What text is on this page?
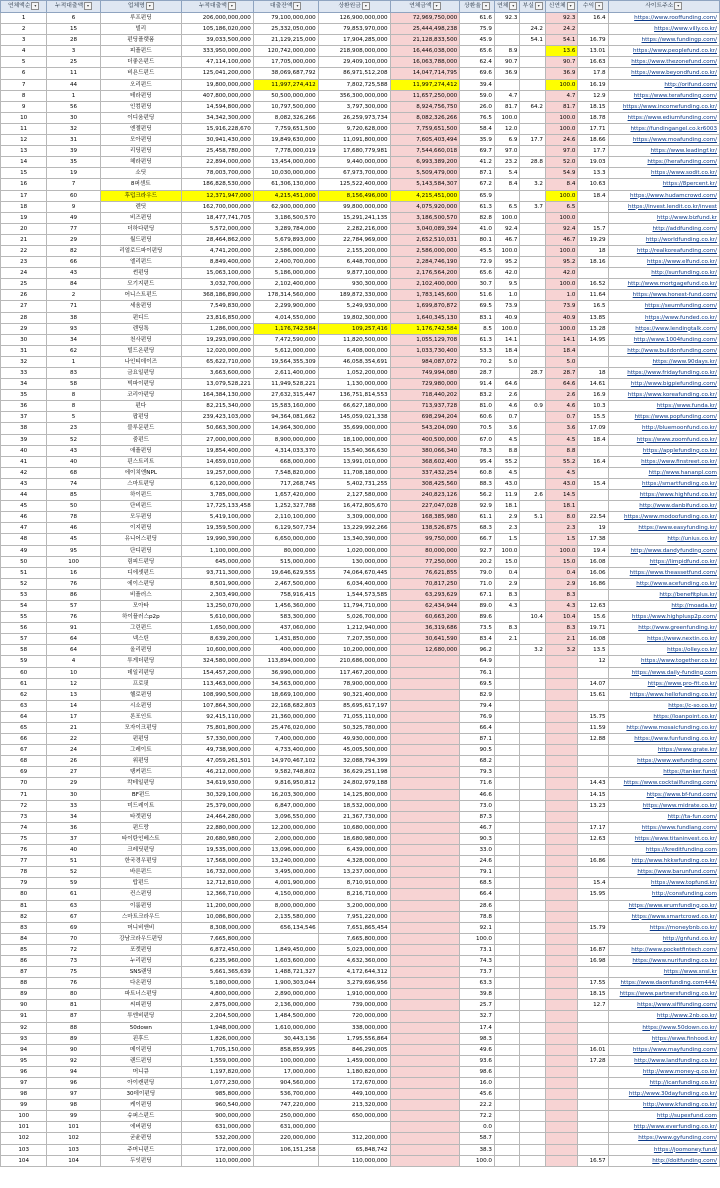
연체액순 ▾	누적대출액 ▾	업체명 ▾	누적대출액 ▾	대출잔액 ▾	상환원금 ▾	연체금액 ▾	상환율 ▾	연체 ▾	부실 ▾	신연체 ▾	수익 ▾	사이트주소 ▾
1	6	루프펀딩	206,000,000,000	79,100,000,000	126,900,000,000	72,969,750,000	61.6	92.3		92.3	16.4	https://www.rooffunding.com/
2	15	빌리	105,186,020,000	25,332,050,000	79,853,970,000	25,444,498,238	75.9		24.2	24.2		https://www.villy.co.kr/
3	28	펀딩플랫폼	39,033,500,000	21,129,215,000	17,904,285,000	21,128,833,500	45.9		54.1	54.1	16.79	https://www.fundingp.com/
4	3	피플펀드	333,950,000,000	120,742,000,000	218,908,000,000	16,446,038,000	65.6	8.9		13.6	13.01	https://www.peoplefund.co.kr/
5	25	더좋은펀드	47,114,100,000	17,705,000,000	29,409,100,000	16,063,788,000	62.4	90.7		90.7	16.63	https://www.thezonefund.com/
6	11	비욘드펀드	125,041,200,000	38,069,687,792	86,971,512,208	14,047,714,795	69.6	36.9		36.9	17.8	https://www.beyondfund.co.kr/
7	44	오리펀드	19,800,000,000	11,997,274,412	7,802,725,588	11,997,274,412	39.4			100.0	16.19	http://orifund.com/
8	1	테라펀딩	407,800,000,000	50,500,000,000	356,300,000,000	11,657,250,000	59.0	4.7		4.7	12.9	https://www.terafunding.com/
9	56	인컴펀딩	14,594,800,000	10,797,500,000	3,797,300,000	8,924,756,750	26.0	81.7	64.2	81.7	18.15	https://www.incomefunding.co.kr/
10	30	이디움펀딩	34,342,300,000	8,082,326,266	26,259,973,734	8,082,326,266	76.5	100.0		100.0	18.78	https://www.ediumfunding.com/
11	32	엔젤펀딩	15,916,228,670	7,759,651,500	9,720,628,000	7,759,651,500	58.4	12.0		100.0	17.71	https://fundingangel.co.kr6003
12	31	모아펀딩	30,941,430,000	19,849,630,000	11,091,800,000	7,605,403,494	35.9	6.9	17.7	24.6	18.66	https://www.moafunding.com/
13	39	리딩펀딩	25,458,780,000	7,778,000,019	17,680,779,981	7,544,660,018	69.7	97.0		97.0	17.7	https://www.leadingf.kr/
14	35	헤라펀딩	22,894,000,000	13,454,000,000	9,440,000,000	6,993,389,200	41.2	23.2	28.8	52.0	19.03	https://herafunding.com/
15	19	소딧	78,003,700,000	10,030,000,000	67,973,700,000	5,509,479,000	87.1	5.4		54.9	13.3	https://www.sodit.co.kr/
16	7	8퍼센트	186,828,530,000	61,306,130,000	125,522,400,000	5,143,584,307	67.2	8.4	3.2	8.4	10.63	https://8percent.kr/
17	60	후덥크라우드	12,371,947,000	4,215,451,000	8,156,496,000	4,215,451,000	65.9			100.0	18.4	https://www.hudamcrowd.com/
18	9	렌딧	162,700,000,000	62,900,000,000	99,800,000,000	4,075,920,000	61.3	6.5	3.7	6.5		https://invest.lendit.co.kr/invest
19	49	비즈펀딩	18,477,741,705	3,186,500,570	15,291,241,135	3,186,500,570	82.8	100.0		100.0		http://www.bizfund.kr
20	77	더하다펀딩	5,572,000,000	3,289,784,000	2,282,216,000	3,040,089,394	41.0	92.4		92.4	15.7	http://addfunding.com/
21	29	월드펀딩	28,464,862,000	5,679,893,000	22,784,969,000	2,652,510,031	80.1	46.7		46.7	19.29	http://worldfunding.co.kr/
22	82	리얼로드파이펀딩	4,741,200,000	2,586,000,000	2,155,200,000	2,586,000,000	45.5	100.0		100.0	18	http://realkoreafunding.com/
23	66	엘리펀드	8,849,400,000	2,400,700,000	6,448,700,000	2,284,746,190	72.9	95.2		95.2	18.16	https://www.elfund.co.kr/
24	43	썬펀딩	15,063,100,000	5,186,000,000	9,877,100,000	2,176,564,200	65.6	42.0		42.0		http://sunfunding.co.kr/
25	84	모기지펀드	3,032,700,000	2,102,400,000	930,300,000	2,102,400,000	30.7	9.5		100.0	16.52	http://www.mortgagefund.co.kr/
26	2	어니스트펀드	368,186,890,000	178,314,560,000	189,872,330,000	1,783,145,600	51.6	1.0		1.0	11.64	https://www.honest-fund.com/
27	71	세움펀딩	7,549,830,000	2,299,900,000	5,249,930,000	1,699,870,872	69.5	73.9		73.9	16.5	https://seumfunding.com/
28	38	펀디드	23,816,850,000	4,014,550,000	19,802,300,000	1,640,345,130	83.1	40.9		40.9	13.85	https://www.funded.co.kr/
29	93	렌딩톡	1,286,000,000	1,176,742,584	109,257,416	1,176,742,584	8.5	100.0		100.0	13.28	https://www.lendingtalk.com/
30	34	천사펀딩	19,293,090,000	7,472,590,000	11,820,500,000	1,055,129,708	61.3	14.1		14.1	14.95	http://www.1004funding.com/
31	62	빌드온펀딩	12,020,000,000	5,612,000,000	6,408,000,000	1,033,730,400	53.3	18.4		18.4		http://www.buildonfunding.com/
32	1	나인티데이즈	65,622,710,000	19,564,355,309	46,058,354,691	984,087,072	70.2	5.0		5.0		https://www.90days.kr/
33	83	금요일펀딩	3,663,600,000	2,611,400,000	1,052,200,000	749,994,080	28.7		28.7	28.7	18	https://www.fridayfunding.co.kr/
34	58	빅파이펀딩	13,079,528,221	11,949,528,221	1,130,000,000	729,980,000	91.4	64.6		64.6	14.61	http://www.bigpiefunding.com/
35	8	코리아펀딩	164,384,130,000	27,632,315,447	136,751,814,553	718,440,202	83.2	2.6		2.6	16.9	https://www.koreafunding.co.kr/
36	8	펀다	82,215,340,000	15,583,160,000	66,627,180,000	713,937,728	81.0	4.6	0.9	4.6	10.3	https://www.funda.kr/
37	5	팝펀딩	239,423,103,000	94,364,081,662	145,059,021,338	698,294,204	60.6	0.7		0.7	15.5	https://www.popfunding.com/
38	23	블루문펀드	50,663,300,000	14,964,300,000	35,699,000,000	543,204,090	70.5	3.6		3.6	17.09	http://bluemoonfund.co.kr/
39	52	줌펀드	27,000,000,000	8,900,000,000	18,100,000,000	400,500,000	67.0	4.5		4.5	18.4	https://www.zoomfund.co.kr/
40	43	애플펀딩	19,854,400,000	4,314,033,370	15,540,366,630	380,066,340	78.3	8.8		8.8		https://applefunding.co.kr/
41	40	핀스트리트	14,659,010,000	668,000,000	13,991,010,000	368,602,400	95.4	55.2		55.2	16.4	https://www.finstreet.co.kr/
42	68	에이치엔NPL	19,257,000,000	7,548,820,000	11,708,180,000	337,432,254	60.8	4.5		4.5		http://www.hananpl.com
43	74	스마트펀딩	6,120,000,000	717,268,745	5,402,731,255	308,425,560	88.3	43.0		43.0	15.4	https://smartfunding.co.kr/
44	85	하이펀드	3,785,000,000	1,657,420,000	2,127,580,000	240,823,126	56.2	11.9	2.6	14.5		https://www.highfund.co.kr/
45	50	단비펀드	17,725,133,458	1,252,327,788	16,472,805,670	227,047,028	92.9	18.1		18.1		http://www.danbifund.co.kr/
46	78	모두펀딩	5,419,100,000	2,110,100,000	3,309,000,000	168,385,980	61.1	2.9	5.1	8.0	22.54	https://www.modoofunding.co.kr/
47	46	이지펀딩	19,359,500,000	6,129,507,734	13,229,992,266	138,526,875	68.3	2.3		2.3	19	https://www.easyfunding.kr/
48	45	유니어스펀딩	19,990,390,000	6,650,000,000	13,340,390,000	99,750,000	66.7	1.5		1.5	17.38	http://unius.co.kr/
49	95	단디펀딩	1,100,000,000	80,000,000	1,020,000,000	80,000,000	92.7	100.0		100.0	19.4	http://www.dandyfunding.com/
50	100	림피드펀딩	645,000,000	515,000,000	130,000,000	77,250,000	20.2	15.0		15.0	16.08	https://limpidfund.co.kr/
51	16	디에셋펀드	93,711,300,000	19,646,629,555	74,064,670,445	76,621,855	79.0	0.4		0.4	16.06	https://www.theassetfund.com/
52	76	에이스펀딩	8,501,900,000	2,467,500,000	6,034,400,000	70,817,250	71.0	2.9		2.9	16.86	http://www.acefunding.co.kr/
53	86	비플러스	2,303,490,000	758,916,415	1,544,573,585	63,293,629	67.1	8.3		8.3		http://benefitplus.kr/
54	57	모아타	13,250,070,000	1,456,360,000	11,794,710,000	62,434,944	89.0	4.3		4.3	12.63	http://moada.kr/
55	76	하이플러스p2p	5,610,000,000	583,300,000	5,026,700,000	60,663,200	89.6		10.4	10.4	15.6	https://www.highplusp2p.com/
56	91	그린펀드	1,650,000,000	437,060,000	1,212,940,000	36,319,686	73.5	8.3		8.3	19.71	http://www.greenfunding.kr/
57	64	넥스틴	8,639,200,000	1,431,850,000	7,207,350,000	30,641,590	83.4	2.1		2.1	16.08	https://www.nextin.co.kr/
58	64	올리펀딩	10,600,000,000	400,000,000	10,200,000,000	12,680,000	96.2		3.2	3.2	13.5	https://olley.co.kr/
59	4	투게더펀딩	324,580,000,000	113,894,000,000	210,686,000,000		64.9				12	https://www.together.co.kr/
60	10	데일리펀딩	154,457,200,000	36,990,000,000	117,467,200,000		76.1					https://www.daily-funding.com
61	12	프로핏	113,463,000,000	34,563,000,000	78,900,000,000		69.5				14.07	https://www.pro-fit.co.kr/
62	13	헬로펀딩	108,990,500,000	18,669,100,000	90,321,400,000		82.9				15.61	https://www.hellofunding.co.kr/
63	14	시소펀딩	107,864,300,000	22,168,682,803	85,695,617,197		79.4					https://c-so.co.kr/
64	17	론포인트	92,415,110,000	21,360,000,000	71,055,110,000		76.9				15.75	https://loanpoint.co.kr/
65	21	모자이크펀딩	75,801,800,000	25,476,020,000	50,325,780,000		66.4				11.59	http://www.mosaicfunding.co.kr/
66	22	펀펀딩	57,330,000,000	7,400,000,000	49,930,000,000		87.1				12.88	https://www.funfunding.co.kr/
67	24	그레이트	49,738,900,000	4,733,400,000	45,005,500,000		90.5					https://www.grate.kr/
68	26	위펀딩	47,059,261,501	14,970,467,102	32,088,794,399		68.2					https://www.wefunding.com/
69	27	탱커펀드	46,212,000,000	9,582,748,802	36,629,251,198		79.3					https://tanker.fund/
70	29	칵테일펀딩	34,619,930,000	9,816,950,812	24,802,979,188		71.6				14.43	https://www.cocktailfunding.com/
71	30	BF펀드	30,329,100,000	16,203,300,000	14,125,800,000		46.6				14.15	https://www.bf-fund.com/
72	33	미드레이트	25,379,000,000	6,847,000,000	18,532,000,000		73.0				13.23	https://www.midrate.co.kr/
73	34	타겟펀딩	24,464,280,000	3,096,550,000	21,367,730,000		87.3					http://ta-fun.com/
74	36	펀드랑	22,880,000,000	12,200,000,000	10,680,000,000		46.7				17.17	https://www.fundlang.com/
75	37	타이탄인베스트	20,680,980,000	2,000,000,000	18,680,980,000		90.3				12.63	https://www.titaninvest.co.kr/
76	40	크레딧펀딩	19,535,000,000	13,096,000,000	6,439,000,000		33.0					https://kreditfunding.com
77	51	한국경우펀딩	17,568,000,000	13,240,000,000	4,328,000,000		24.6				16.86	http://www.hkkwfunding.co.kr/
78	52	바른펀드	16,732,000,000	3,495,000,000	13,237,000,000		79.1					https://www.barunfund.com/
79	59	탑펀드	12,712,810,000	4,001,900,000	8,710,910,000		68.5				15.4	https://www.topfund.kr/
80	61	컨스펀딩	12,366,710,000	4,150,000,000	8,216,710,000		66.4				15.95	http://consfunding.com
81	63	이룸펀딩	11,200,000,000	8,000,000,000	3,200,000,000		28.6					https://www.erumfunding.co.kr/
82	67	스마트크라우드	10,086,800,000	2,135,580,000	7,951,220,000		78.8					https://www.smartcrowd.co.kr/
83	69	머니비앤비	8,308,000,000	656,134,546	7,651,865,454		92.1				15.79	https://moneybnb.co.kr/
84	70	강남크라우드펀딩	7,665,800,000		7,665,800,000		100.0					http://gnfund.co.kr/
85	72	포켓펀딩	6,872,450,000	1,849,450,000	5,023,000,000		73.1				16.87	http://www.pocketfintech.com/
86	73	누리펀딩	6,235,960,000	1,603,600,000	4,632,360,000		74.3				16.98	https://www.nurifunding.co.kr/
87	75	SNS랜딩	5,661,365,639	1,488,721,327	4,172,644,312		73.7					https://www.snsl.kr
88	76	다온펀딩	5,180,000,000	1,900,303,044	3,279,696,956		63.3				17.55	https://www.daonfunding.com444/
89	80	파트너스펀딩	4,800,000,000	2,890,000,000	1,910,000,000		39.8				18.15	https://www.partnersfunding.co.kr/
90	81	씨피펀딩	2,875,000,000	2,136,000,000	739,000,000		25.7				12.7	https://www.sififunding.com/
91	87	투엔비펀딩	2,204,500,000	1,484,500,000	720,000,000		32.7					http://www.2nb.co.kr/
92	88	50down	1,948,000,000	1,610,000,000	338,000,000		17.4					https://www.50down.co.kr/
93	89	핀후드	1,826,000,000	30,443,136	1,795,556,864		98.3					https://www.finhood.kr/
94	90	메이펀딩	1,705,150,000	858,859,995	846,290,005		49.6				16.01	https://www.mayfunding.com/
95	92	랜드펀딩	1,559,000,000	100,000,000	1,459,000,000		93.6				17.28	http://www.landfunding.co.kr/
96	94	머니큐	1,197,820,000	17,000,000	1,180,820,000		98.6					http://www.money-q.co.kr/
97	96	아이캔펀딩	1,077,230,000	904,560,000	172,670,000		16.0					http://icanfunding.co.kr/
98	97	30데이펀딩	985,800,000	536,700,000	449,100,000		45.6					http://www.30dayfunding.co.kr/
99	98	케이펀딩	960,540,000	747,220,000	213,320,000		22.2					http://www.kfunding.co.kr/
100	99	슈퍼스펀드	900,000,000	250,000,000	650,000,000		72.2					http://supexfund.com
101	101	에버펀딩	631,000,000	631,000,000			0.0					http://www.everfunding.co.kr/
102	102	굳윤펀딩	532,200,000	220,000,000	312,200,000		58.7					https://www.gyfunding.com/
103	103	주머니펀드	172,000,000	106,151,258	65,848,742		38.3					https://joomoney.fund/
104	104	두잇펀딩	110,000,000		110,000,000		100.0				16.57	http://doitfunding.com/
